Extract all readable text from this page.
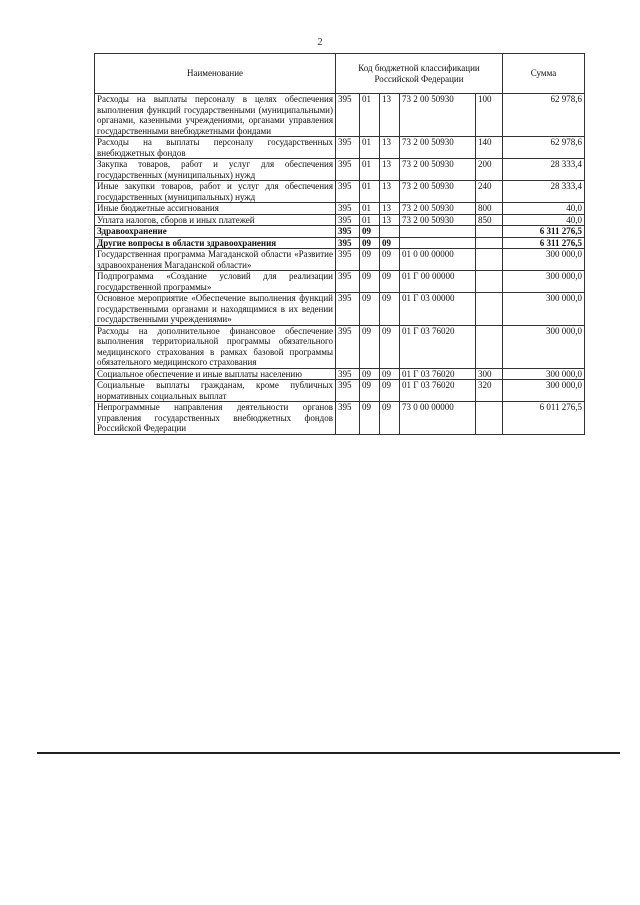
2
Наименование	Код бюджетной классификации Российской Федерации					Сумма
Расходы на выплаты персоналу в целях обеспечения выполнения функций государственными (муниципальными) органами, казенными учреждениями, органами управления государственными внебюджетными фондами	395	01	13	73 2 00 50930	100	62 978,6
Расходы на выплаты персоналу государственных внебюджетных фондов	395	01	13	73 2 00 50930	140	62 978,6
Закупка товаров, работ и услуг для обеспечения государственных (муниципальных) нужд	395	01	13	73 2 00 50930	200	28 333,4
Иные закупки товаров, работ и услуг для обеспечения государственных (муниципальных) нужд	395	01	13	73 2 00 50930	240	28 333,4
Иные бюджетные ассигнования	395	01	13	73 2 00 50930	800	40,0
Уплата налогов, сборов и иных платежей	395	01	13	73 2 00 50930	850	40,0
Здравоохранение	395	09				6 311 276,5
Другие вопросы в области здравоохранения	395	09	09			6 311 276,5
Государственная программа Магаданской области «Развитие здравоохранения Магаданской области»	395	09	09	01 0 00 00000		300 000,0
Подпрограмма «Создание условий для реализации государственной программы»	395	09	09	01 Г 00 00000		300 000,0
Основное мероприятие «Обеспечение выполнения функций государственными органами и находящимися в их ведении государственными учреждениями»	395	09	09	01 Г 03 00000		300 000,0
Расходы на дополнительное финансовое обеспечение выполнения территориальной программы обязательного медицинского страхования в рамках базовой программы обязательного медицинского страхования	395	09	09	01 Г 03 76020		300 000,0
Социальное обеспечение и иные выплаты населению	395	09	09	01 Г 03 76020	300	300 000,0
Социальные выплаты гражданам, кроме публичных нормативных социальных выплат	395	09	09	01 Г 03 76020	320	300 000,0
Непрограммные направления деятельности органов управления государственных внебюджетных фондов Российской Федерации	395	09	09	73 0 00 00000		6 011 276,5
